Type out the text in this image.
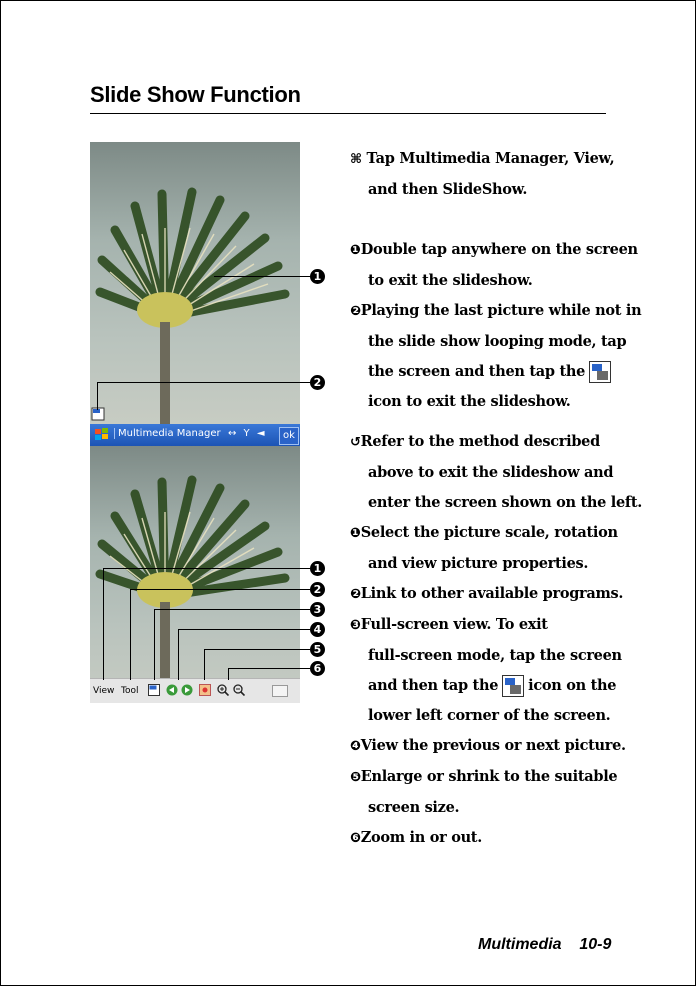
Slide Show Function
Multimedia Manager ↔ Y ◄	ok
View Tool
1
2
1
2
3
4
5
6
⌘ Tap Multimedia Manager, View,
and then SlideShow.
❶Double tap anywhere on the screen
to exit the slideshow.
❷Playing the last picture while not in
the slide show looping mode, tap
the screen and then tap the
icon to exit the slideshow.
↺Refer to the method described
above to exit the slideshow and
enter the screen shown on the left.
❶Select the picture scale, rotation
and view picture properties.
❷Link to other available programs.
❸Full-screen view. To exit
full-screen mode, tap the screen
and then tap the icon on the
lower left corner of the screen.
❹View the previous or next picture.
❺Enlarge or shrink to the suitable
screen size.
❻Zoom in or out.
Multimedia    10-9
